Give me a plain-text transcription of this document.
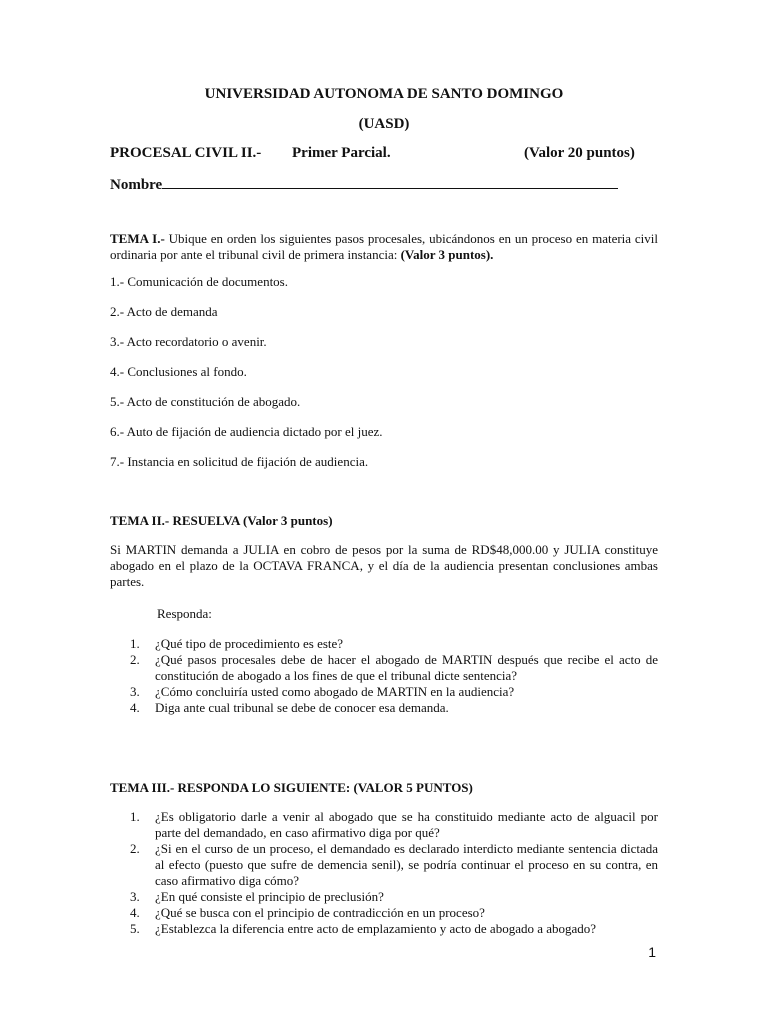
UNIVERSIDAD AUTONOMA DE SANTO DOMINGO
(UASD)
PROCESAL CIVIL II.- Primer Parcial.	(Valor 20 puntos)
Nombre
TEMA I.- Ubique en orden los siguientes pasos procesales, ubicándonos en un proceso en materia civil ordinaria por ante el tribunal civil de primera instancia: (Valor 3 puntos).
1.- Comunicación de documentos.
2.- Acto de demanda
3.- Acto recordatorio o avenir.
4.- Conclusiones al fondo.
5.- Acto de constitución de abogado.
6.- Auto de fijación de audiencia dictado por el juez.
7.- Instancia en solicitud de fijación de audiencia.
TEMA II.- RESUELVA (Valor 3 puntos)
Si MARTIN demanda a JULIA en cobro de pesos por la suma de RD$48,000.00 y JULIA constituye abogado en el plazo de la OCTAVA FRANCA, y el día de la audiencia presentan conclusiones ambas partes.
Responda:
1. ¿Qué tipo de procedimiento es este?
2. ¿Qué pasos procesales debe de hacer el abogado de MARTIN después que recibe el acto de constitución de abogado a los fines de que el tribunal dicte sentencia?
3. ¿Cómo concluiría usted como abogado de MARTIN en la audiencia?
4. Diga ante cual tribunal se debe de conocer esa demanda.
TEMA III.- RESPONDA LO SIGUIENTE: (VALOR 5 PUNTOS)
1. ¿Es obligatorio darle a venir al abogado que se ha constituido mediante acto de alguacil por parte del demandado, en caso afirmativo diga por qué?
2. ¿Si en el curso de un proceso, el demandado es declarado interdicto mediante sentencia dictada al efecto (puesto que sufre de demencia senil), se podría continuar el proceso en su contra, en caso afirmativo diga cómo?
3. ¿En qué consiste el principio de preclusión?
4. ¿Qué se busca con el principio de contradicción en un proceso?
5. ¿Establezca la diferencia entre acto de emplazamiento y acto de abogado a abogado?
1
